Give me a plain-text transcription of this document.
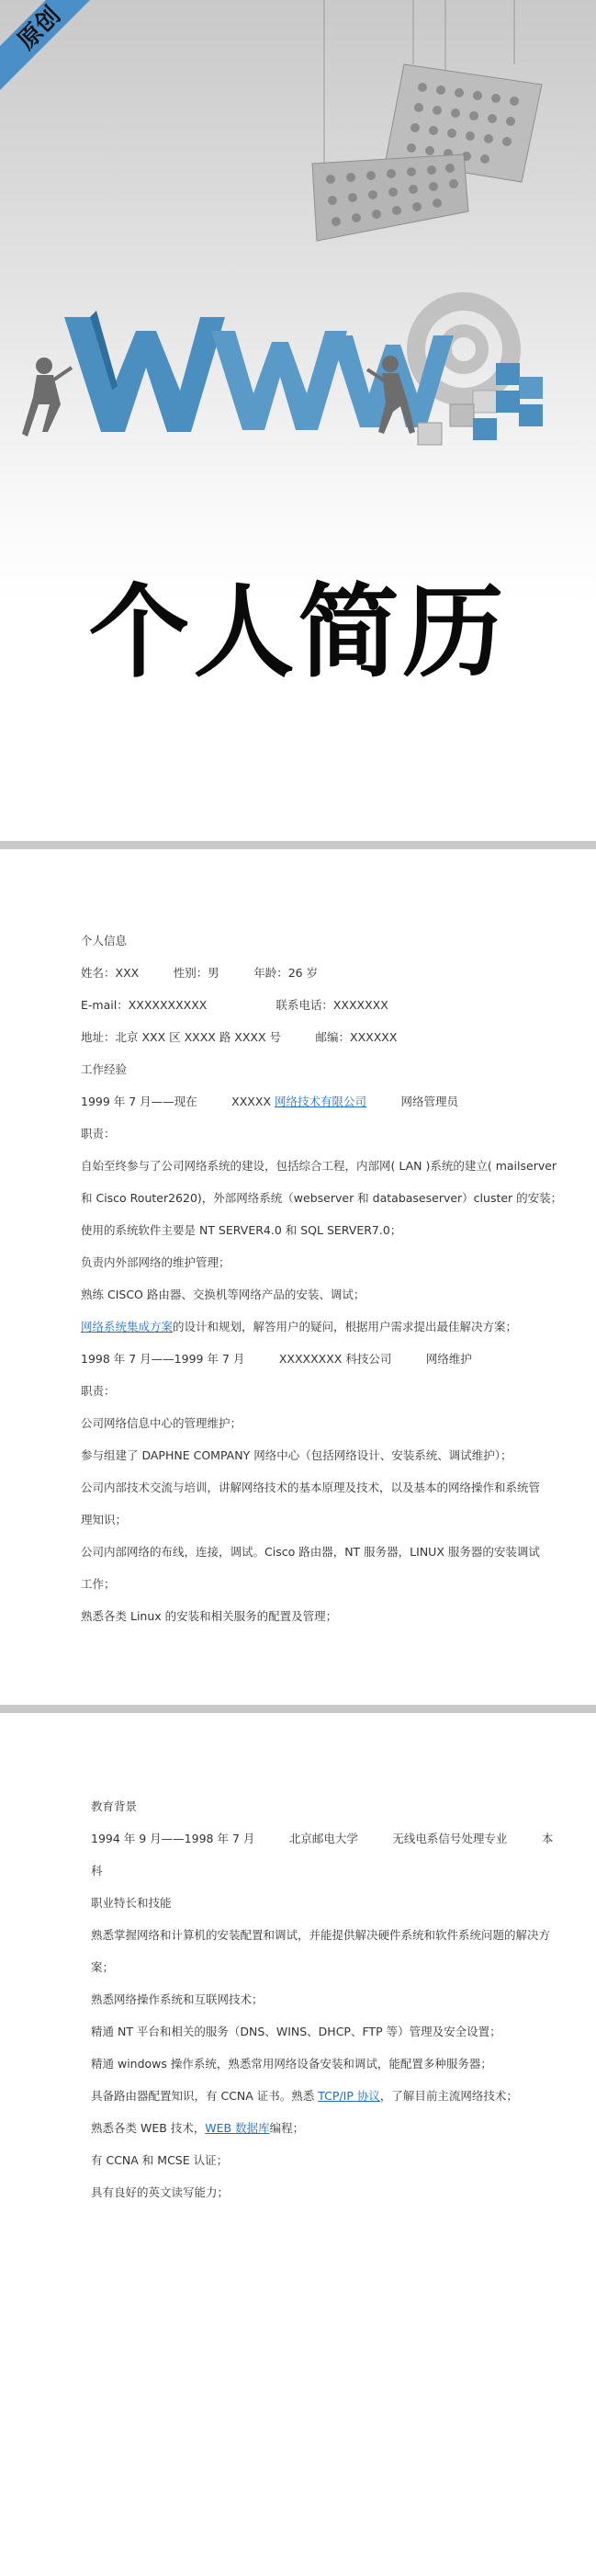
原创
个人简历
个人信息
姓名：XXX　　　性别：男　　　年龄：26 岁
E-mail：XXXXXXXXXX　　　　　　联系电话：XXXXXXX
地址：北京 XXX 区 XXXX 路 XXXX 号　　　邮编：XXXXXX
工作经验
1999 年 7 月——现在　　　XXXXX 网络技术有限公司　　　网络管理员
职责：
自始至终参与了公司网络系统的建设，包括综合工程，内部网( LAN )系统的建立( mailserver
和 Cisco Router2620)，外部网络系统（webserver 和 databaseserver）cluster 的安装；
使用的系统软件主要是 NT SERVER4.0 和 SQL SERVER7.0；
负责内外部网络的维护管理；
熟练 CISCO 路由器、交换机等网络产品的安装、调试；
网络系统集成方案的设计和规划，解答用户的疑问，根据用户需求提出最佳解决方案；
1998 年 7 月——1999 年 7 月　　　XXXXXXXX 科技公司　　　网络维护
职责：
公司网络信息中心的管理维护；
参与组建了 DAPHNE COMPANY 网络中心（包括网络设计、安装系统、调试维护）；
公司内部技术交流与培训，讲解网络技术的基本原理及技术，以及基本的网络操作和系统管
理知识；
公司内部网络的布线，连接，调试。Cisco 路由器，NT 服务器，LINUX 服务器的安装调试
工作；
熟悉各类 Linux 的安装和相关服务的配置及管理；
教育背景
1994 年 9 月——1998 年 7 月　　　北京邮电大学　　　无线电系信号处理专业　　　本
科
职业特长和技能
熟悉掌握网络和计算机的安装配置和调试，并能提供解决硬件系统和软件系统问题的解决方
案；
熟悉网络操作系统和互联网技术；
精通 NT 平台和相关的服务（DNS、WINS、DHCP、FTP 等）管理及安全设置；
精通 windows 操作系统，熟悉常用网络设备安装和调试，能配置多种服务器；
具备路由器配置知识，有 CCNA 证书。熟悉 TCP/IP 协议，了解目前主流网络技术；
熟悉各类 WEB 技术，WEB 数据库编程；
有 CCNA 和 MCSE 认证；
具有良好的英文读写能力；
